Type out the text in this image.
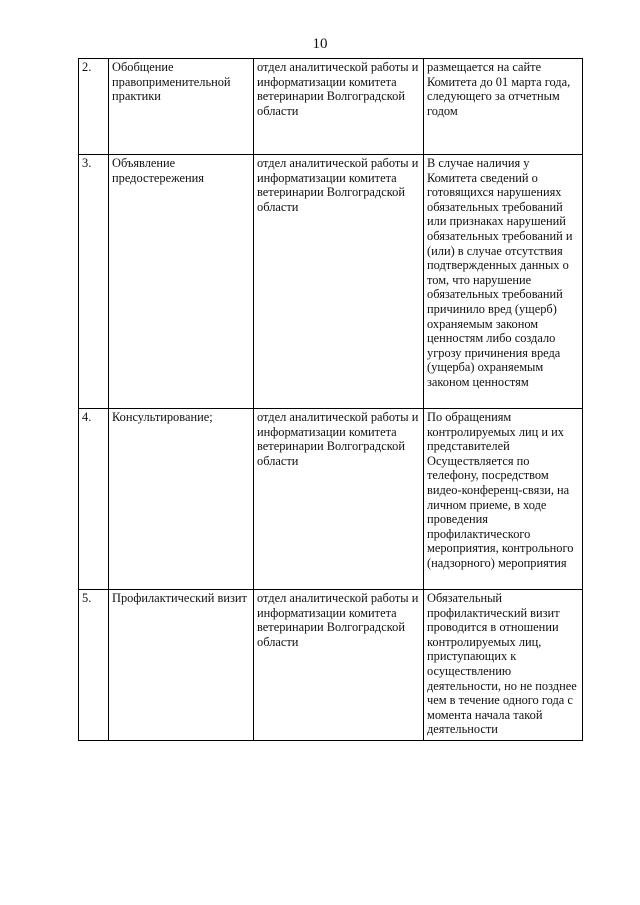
10
2.	Обобщение правоприменительной практики	отдел аналитической работы и информатизации комитета ветеринарии Волгоградской области	размещается на сайте Комитета до 01 марта года, следующего за отчетным годом
3.	Объявление предостережения	отдел аналитической работы и информатизации комитета ветеринарии Волгоградской области	В случае наличия у Комитета сведений о готовящихся нарушениях обязательных требований или признаках нарушений обязательных требований и (или) в случае отсутствия подтвержденных данных о том, что нарушение обязательных требований причинило вред (ущерб) охраняемым законом ценностям либо создало угрозу причинения вреда (ущерба) охраняемым законом ценностям
4.	Консультирование;	отдел аналитической работы и информатизации комитета ветеринарии Волгоградской области	По обращениям контролируемых лиц и их представителей Осуществляется по телефону, посредством видео-конференц-связи, на личном приеме, в ходе проведения профилактического мероприятия, контрольного (надзорного) мероприятия
5.	Профилактический визит	отдел аналитической работы и информатизации комитета ветеринарии Волгоградской области	Обязательный профилактический визит проводится в отношении контролируемых лиц, приступающих к осуществлению деятельности, но не позднее чем в течение одного года с момента начала такой деятельности
